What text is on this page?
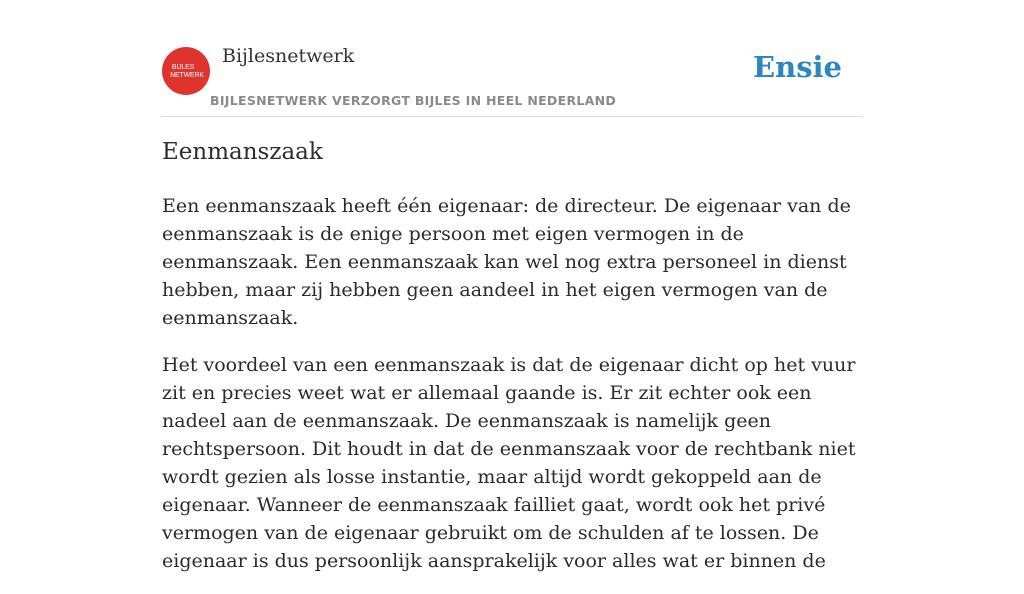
BIJLES
NETWERK
Bijlesnetwerk
BIJLESNETWERK VERZORGT BIJLES IN HEEL NEDERLAND
Ensie
Eenmanszaak

Een eenmanszaak heeft één eigenaar: de directeur. De eigenaar van de eenmanszaak is de enige persoon met eigen vermogen in de eenmanszaak. Een eenmanszaak kan wel nog extra personeel in dienst hebben, maar zij hebben geen aandeel in het eigen vermogen van de eenmanszaak.

Het voordeel van een eenmanszaak is dat de eigenaar dicht op het vuur zit en precies weet wat er allemaal gaande is. Er zit echter ook een nadeel aan de eenmanszaak. De eenmanszaak is namelijk geen rechtspersoon. Dit houdt in dat de eenmanszaak voor de rechtbank niet wordt gezien als losse instantie, maar altijd wordt gekoppeld aan de eigenaar. Wanneer de eenmanszaak failliet gaat, wordt ook het privé vermogen van de eigenaar gebruikt om de schulden af te lossen. De eigenaar is dus persoonlijk aansprakelijk voor alles wat er binnen de
